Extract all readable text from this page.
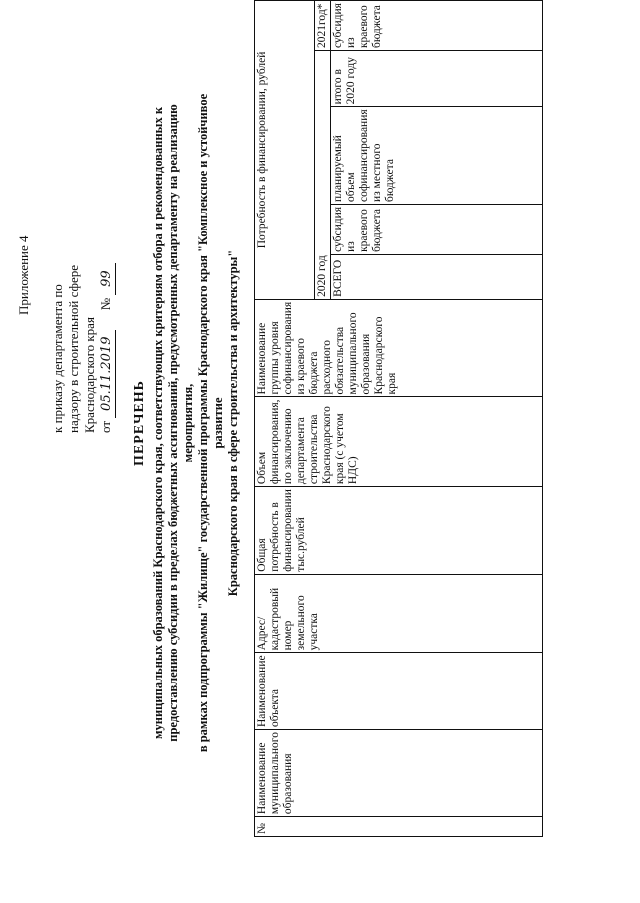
Приложение 4
к приказу департамента по надзору в строительной сфере Краснодарского края от 05.11.2019      № 99
ПЕРЕЧЕНЬ муниципальных образований Краснодарского края, соответствующих критериям отбора и рекомендованных к предоставлению субсидии в пределах бюджетных ассигнований, предусмотренных департаменту на реализацию мероприятия, в рамках подпрограммы "Жилище" государственной программы Краснодарского края "Комплексное и устойчивое развитие Краснодарского края в сфере строительства и архитектуры"
№	Наименование муниципального образования	Наименование объекта	Адрес/кадастровый номер земельного участка	Общая потребность в финансировании тыс.рублей	Объем финансирования, по заключению департамента строительства Краснодарского края (с учетом НДС)	Наименование группы уровня софинансирования из краевого бюджета расходного обязательства муниципального образования Краснодарского края	Потребность в финансировании, рублей				
							2020 год				2021год*
							ВСЕГО	субсидия из краевого бюджета	планируемый объем софинансирования из местного бюджета	итого в 2020 году	субсидия из краевого бюджета
